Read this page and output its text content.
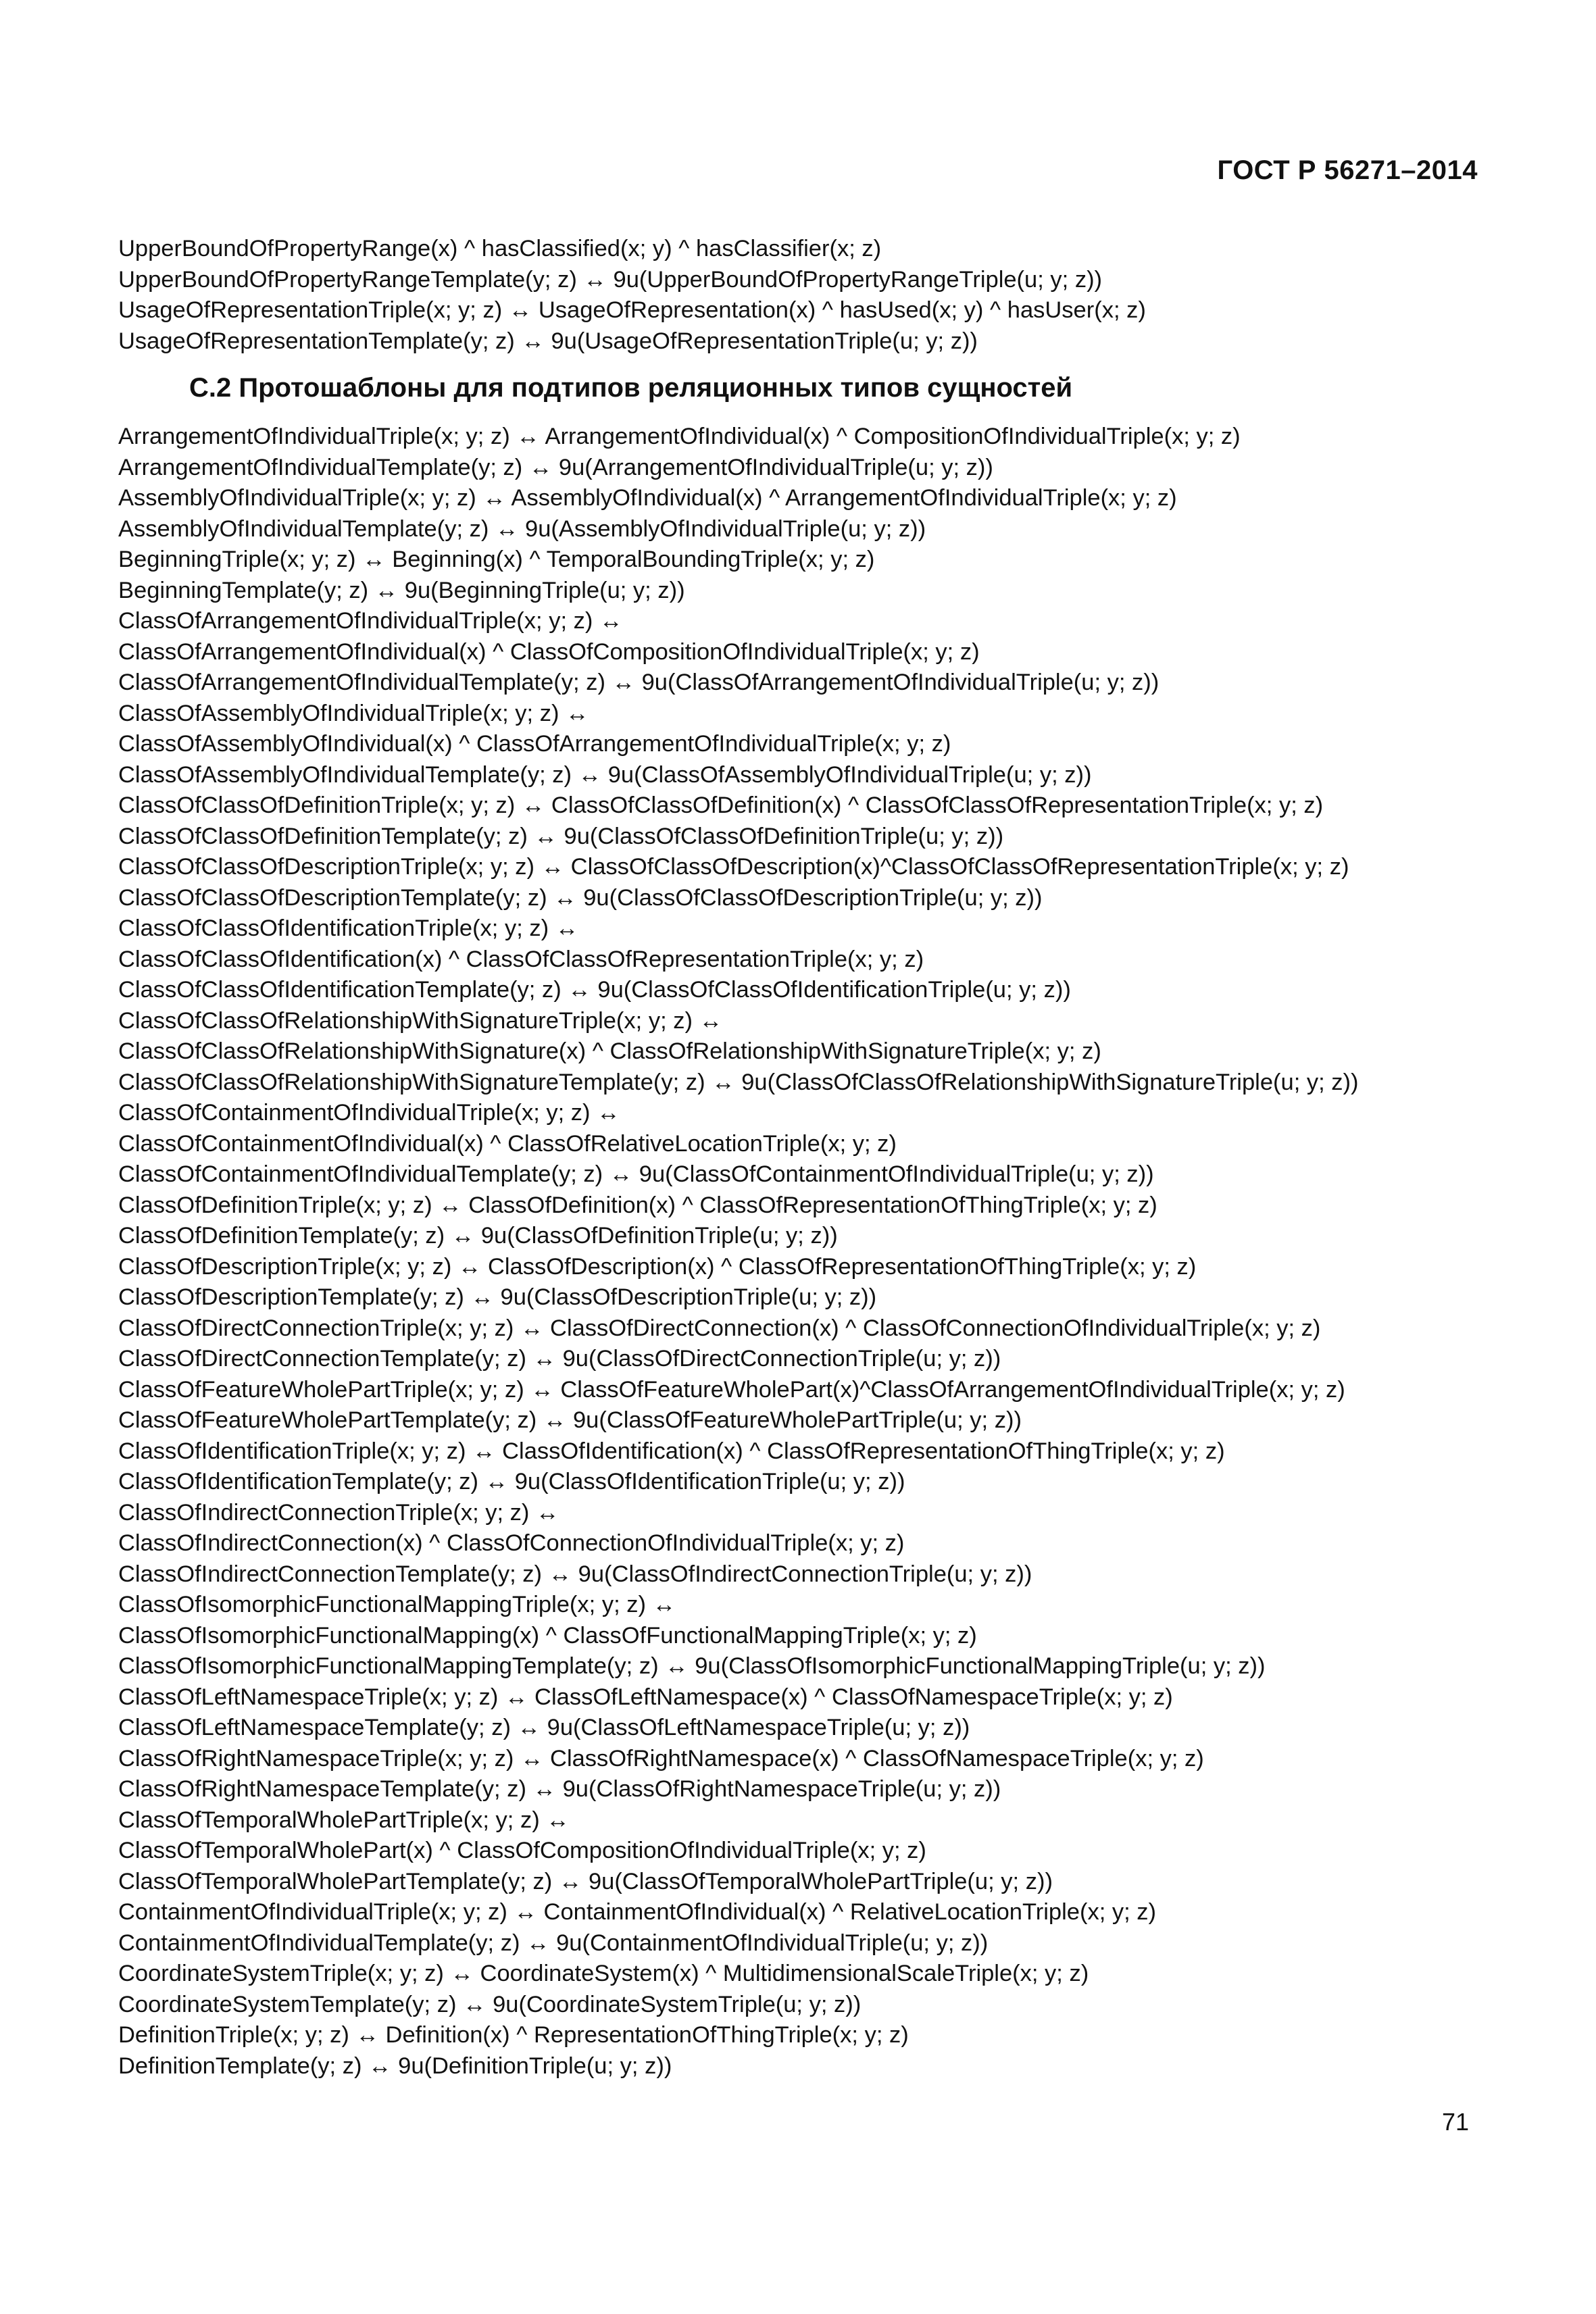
ГОСТ Р 56271–2014
UpperBoundOfPropertyRange(x) ^ hasClassified(x; y) ^ hasClassifier(x; z)
UpperBoundOfPropertyRangeTemplate(y; z) ↔ 9u(UpperBoundOfPropertyRangeTriple(u; y; z))
UsageOfRepresentationTriple(x; y; z) ↔ UsageOfRepresentation(x) ^ hasUsed(x; y) ^ hasUser(x; z)
UsageOfRepresentationTemplate(y; z) ↔ 9u(UsageOfRepresentationTriple(u; y; z))
С.2 Протошаблоны для подтипов реляционных типов сущностей
ArrangementOfIndividualTriple(x; y; z) ↔ ArrangementOfIndividual(x) ^ CompositionOfIndividualTriple(x; y; z)
ArrangementOfIndividualTemplate(y; z) ↔ 9u(ArrangementOfIndividualTriple(u; y; z))
AssemblyOfIndividualTriple(x; y; z) ↔ AssemblyOfIndividual(x) ^ ArrangementOfIndividualTriple(x; y; z)
AssemblyOfIndividualTemplate(y; z) ↔ 9u(AssemblyOfIndividualTriple(u; y; z))
BeginningTriple(x; y; z) ↔ Beginning(x) ^ TemporalBoundingTriple(x; y; z)
BeginningTemplate(y; z) ↔ 9u(BeginningTriple(u; y; z))
ClassOfArrangementOfIndividualTriple(x; y; z) ↔
ClassOfArrangementOfIndividual(x) ^ ClassOfCompositionOfIndividualTriple(x; y; z)
ClassOfArrangementOfIndividualTemplate(y; z) ↔ 9u(ClassOfArrangementOfIndividualTriple(u; y; z))
ClassOfAssemblyOfIndividualTriple(x; y; z) ↔
ClassOfAssemblyOfIndividual(x) ^ ClassOfArrangementOfIndividualTriple(x; y; z)
ClassOfAssemblyOfIndividualTemplate(y; z) ↔ 9u(ClassOfAssemblyOfIndividualTriple(u; y; z))
ClassOfClassOfDefinitionTriple(x; y; z) ↔ ClassOfClassOfDefinition(x) ^ ClassOfClassOfRepresentationTriple(x; y; z)
ClassOfClassOfDefinitionTemplate(y; z) ↔ 9u(ClassOfClassOfDefinitionTriple(u; y; z))
ClassOfClassOfDescriptionTriple(x; y; z) ↔ ClassOfClassOfDescription(x)^ClassOfClassOfRepresentationTriple(x; y; z)
ClassOfClassOfDescriptionTemplate(y; z) ↔ 9u(ClassOfClassOfDescriptionTriple(u; y; z))
ClassOfClassOfIdentificationTriple(x; y; z) ↔
ClassOfClassOfIdentification(x) ^ ClassOfClassOfRepresentationTriple(x; y; z)
ClassOfClassOfIdentificationTemplate(y; z) ↔ 9u(ClassOfClassOfIdentificationTriple(u; y; z))
ClassOfClassOfRelationshipWithSignatureTriple(x; y; z) ↔
ClassOfClassOfRelationshipWithSignature(x) ^ ClassOfRelationshipWithSignatureTriple(x; y; z)
ClassOfClassOfRelationshipWithSignatureTemplate(y; z) ↔ 9u(ClassOfClassOfRelationshipWithSignatureTriple(u; y; z))
ClassOfContainmentOfIndividualTriple(x; y; z) ↔
ClassOfContainmentOfIndividual(x) ^ ClassOfRelativeLocationTriple(x; y; z)
ClassOfContainmentOfIndividualTemplate(y; z) ↔ 9u(ClassOfContainmentOfIndividualTriple(u; y; z))
ClassOfDefinitionTriple(x; y; z) ↔ ClassOfDefinition(x) ^ ClassOfRepresentationOfThingTriple(x; y; z)
ClassOfDefinitionTemplate(y; z) ↔ 9u(ClassOfDefinitionTriple(u; y; z))
ClassOfDescriptionTriple(x; y; z) ↔ ClassOfDescription(x) ^ ClassOfRepresentationOfThingTriple(x; y; z)
ClassOfDescriptionTemplate(y; z) ↔ 9u(ClassOfDescriptionTriple(u; y; z))
ClassOfDirectConnectionTriple(x; y; z) ↔ ClassOfDirectConnection(x) ^ ClassOfConnectionOfIndividualTriple(x; y; z)
ClassOfDirectConnectionTemplate(y; z) ↔ 9u(ClassOfDirectConnectionTriple(u; y; z))
ClassOfFeatureWholePartTriple(x; y; z) ↔ ClassOfFeatureWholePart(x)^ClassOfArrangementOfIndividualTriple(x; y; z)
ClassOfFeatureWholePartTemplate(y; z) ↔ 9u(ClassOfFeatureWholePartTriple(u; y; z))
ClassOfIdentificationTriple(x; y; z) ↔ ClassOfIdentification(x) ^ ClassOfRepresentationOfThingTriple(x; y; z)
ClassOfIdentificationTemplate(y; z) ↔ 9u(ClassOfIdentificationTriple(u; y; z))
ClassOfIndirectConnectionTriple(x; y; z) ↔
ClassOfIndirectConnection(x) ^ ClassOfConnectionOfIndividualTriple(x; y; z)
ClassOfIndirectConnectionTemplate(y; z) ↔ 9u(ClassOfIndirectConnectionTriple(u; y; z))
ClassOfIsomorphicFunctionalMappingTriple(x; y; z) ↔
ClassOfIsomorphicFunctionalMapping(x) ^ ClassOfFunctionalMappingTriple(x; y; z)
ClassOfIsomorphicFunctionalMappingTemplate(y; z) ↔ 9u(ClassOfIsomorphicFunctionalMappingTriple(u; y; z))
ClassOfLeftNamespaceTriple(x; y; z) ↔ ClassOfLeftNamespace(x) ^ ClassOfNamespaceTriple(x; y; z)
ClassOfLeftNamespaceTemplate(y; z) ↔ 9u(ClassOfLeftNamespaceTriple(u; y; z))
ClassOfRightNamespaceTriple(x; y; z) ↔ ClassOfRightNamespace(x) ^ ClassOfNamespaceTriple(x; y; z)
ClassOfRightNamespaceTemplate(y; z) ↔ 9u(ClassOfRightNamespaceTriple(u; y; z))
ClassOfTemporalWholePartTriple(x; y; z) ↔
ClassOfTemporalWholePart(x) ^ ClassOfCompositionOfIndividualTriple(x; y; z)
ClassOfTemporalWholePartTemplate(y; z) ↔ 9u(ClassOfTemporalWholePartTriple(u; y; z))
ContainmentOfIndividualTriple(x; y; z) ↔ ContainmentOfIndividual(x) ^ RelativeLocationTriple(x; y; z)
ContainmentOfIndividualTemplate(y; z) ↔ 9u(ContainmentOfIndividualTriple(u; y; z))
CoordinateSystemTriple(x; y; z) ↔ CoordinateSystem(x) ^ MultidimensionalScaleTriple(x; y; z)
CoordinateSystemTemplate(y; z) ↔ 9u(CoordinateSystemTriple(u; y; z))
DefinitionTriple(x; y; z) ↔ Definition(x) ^ RepresentationOfThingTriple(x; y; z)
DefinitionTemplate(y; z) ↔ 9u(DefinitionTriple(u; y; z))
71
